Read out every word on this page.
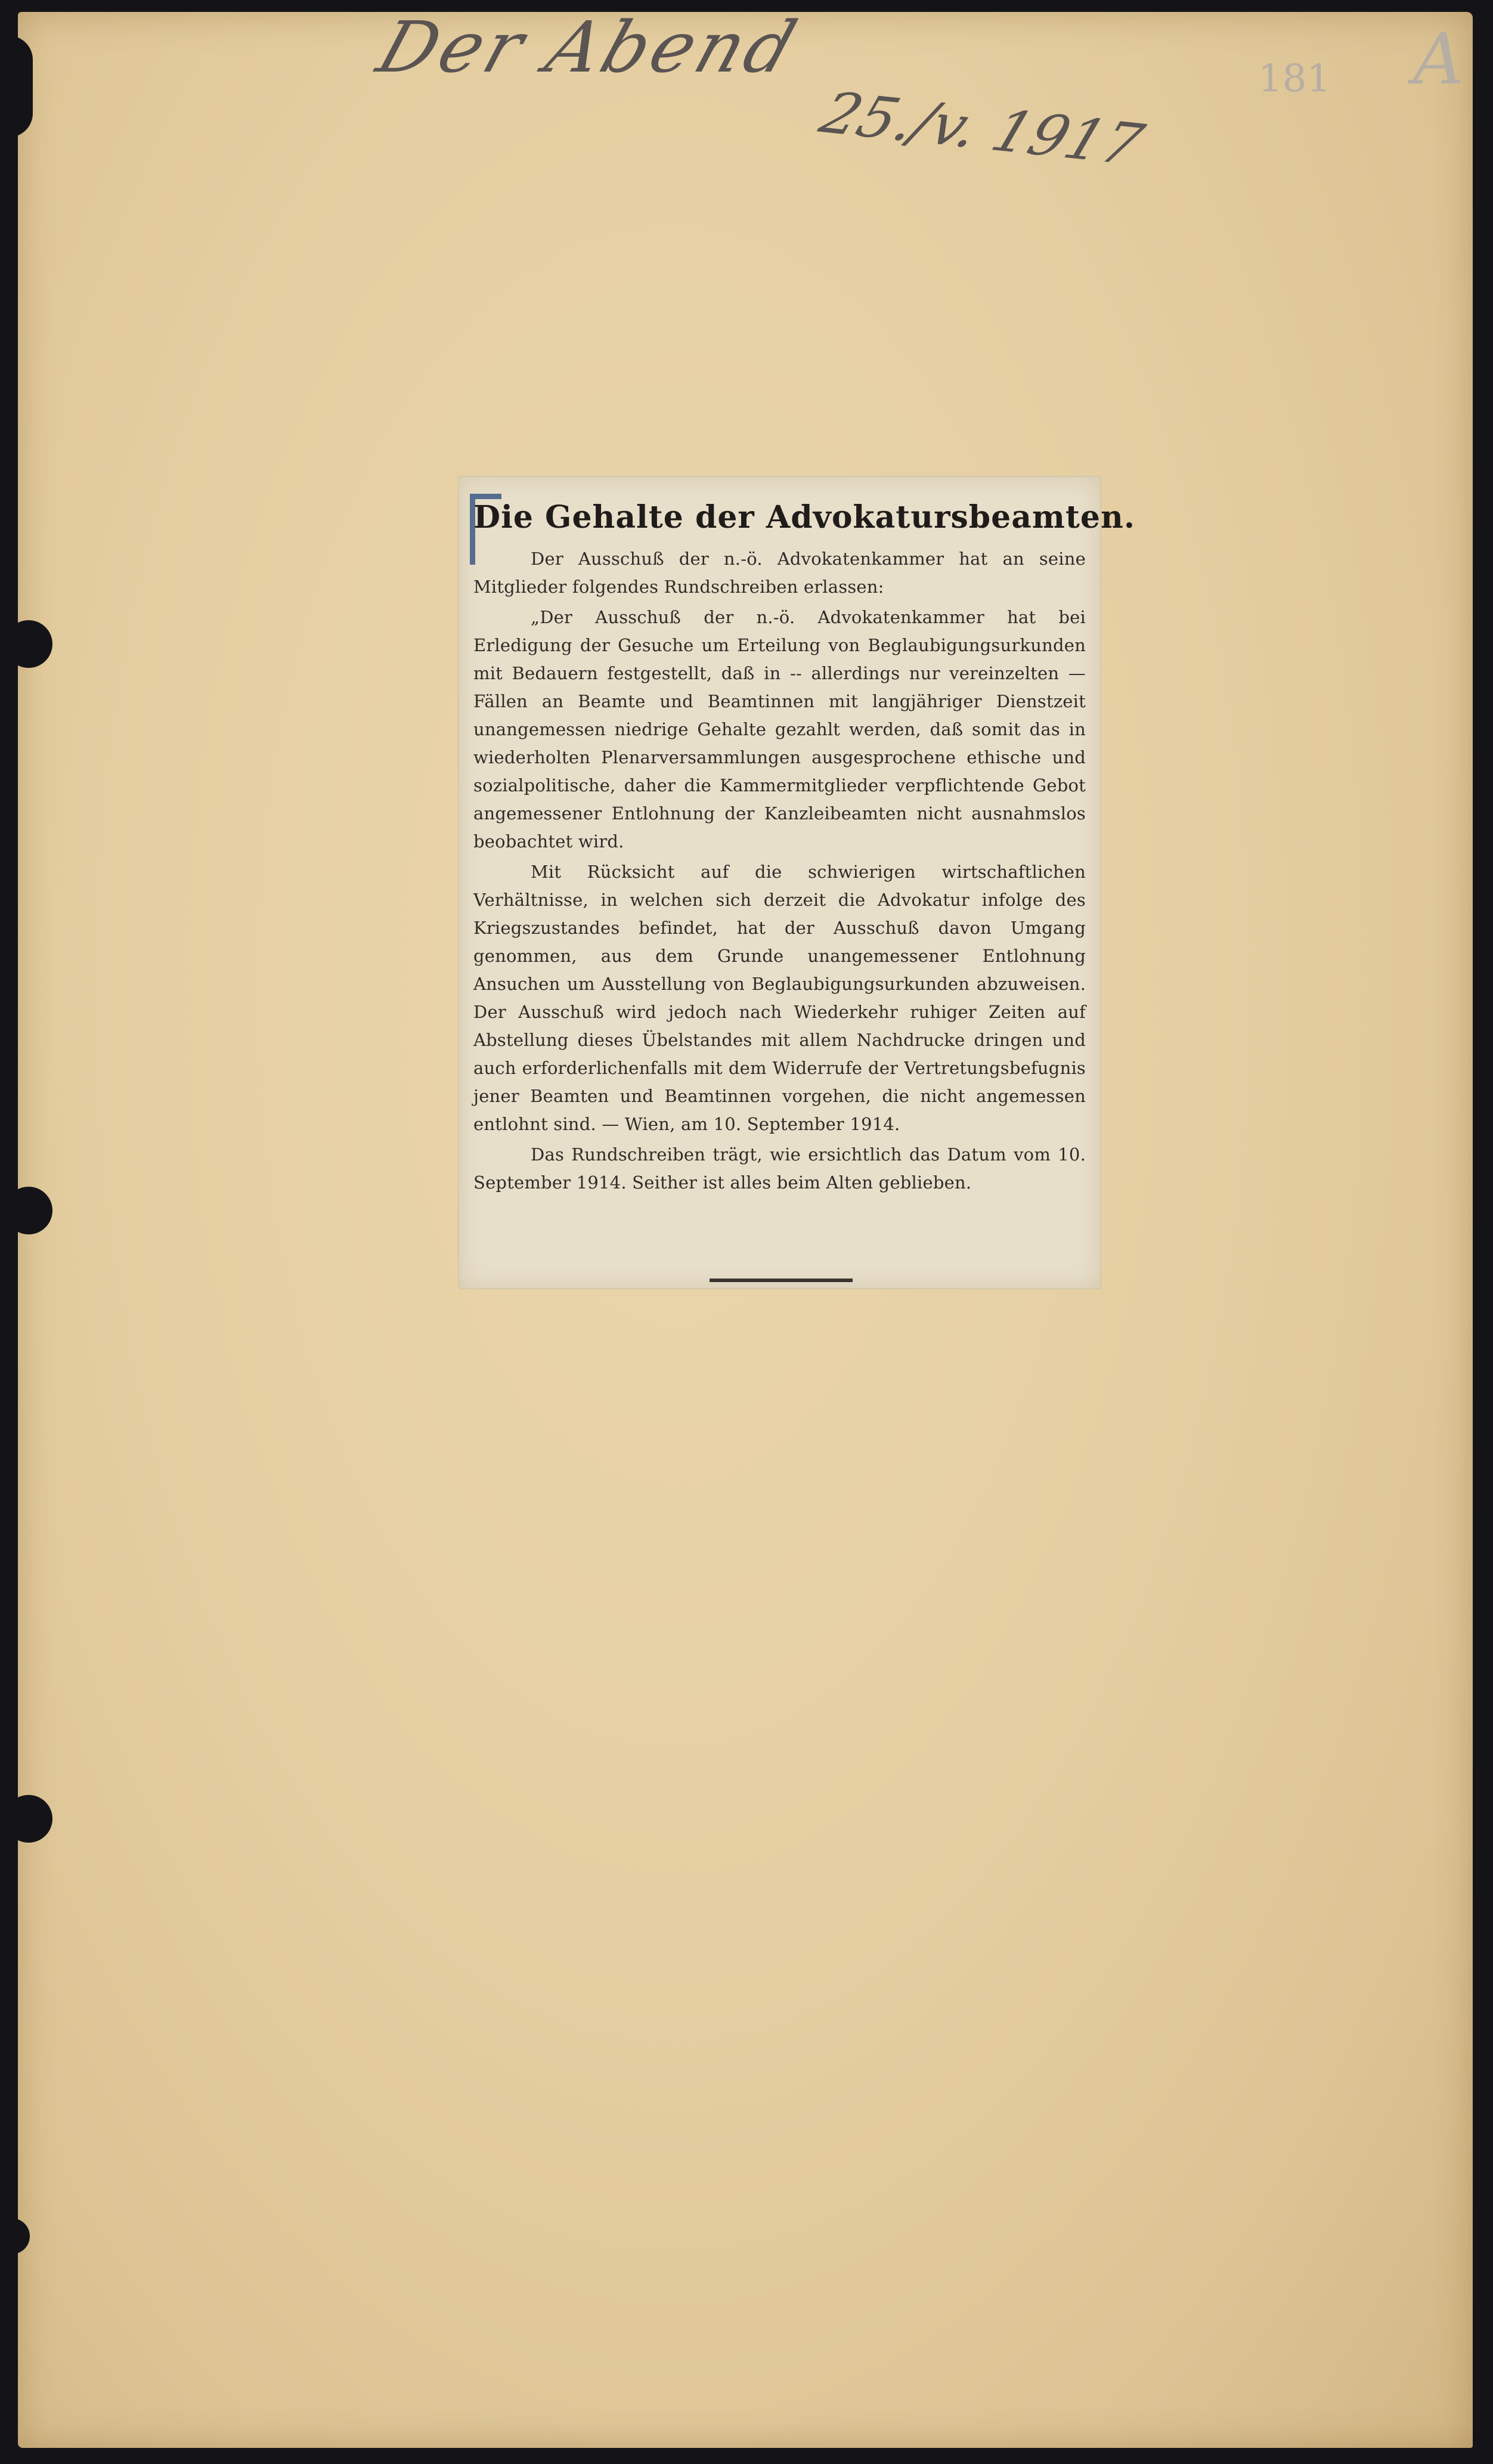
Der Abend
25./v. 1917
181 A
Die Gehalte der Advokatursbeamten.

Der Ausschuß der n.-ö. Advokatenkammer hat an seine Mitglieder folgendes Rundschreiben erlassen:

„Der Ausschuß der n.-ö. Advokatenkammer hat bei Erledigung der Gesuche um Erteilung von Beglaubigungsurkunden mit Bedauern festgestellt, daß in -- allerdings nur vereinzelten — Fällen an Beamte und Beamtinnen mit langjähriger Dienstzeit unangemessen niedrige Gehalte gezahlt werden, daß somit das in wiederholten Plenarversammlungen ausgesprochene ethische und sozialpolitische, daher die Kammermitglieder verpflichtende Gebot angemessener Entlohnung der Kanzleibeamten nicht ausnahmslos beobachtet wird.

Mit Rücksicht auf die schwierigen wirtschaftlichen Verhältnisse, in welchen sich derzeit die Advokatur infolge des Kriegszustandes befindet, hat der Ausschuß davon Umgang genommen, aus dem Grunde unangemessener Entlohnung Ansuchen um Ausstellung von Beglaubigungsurkunden abzuweisen. Der Ausschuß wird jedoch nach Wiederkehr ruhiger Zeiten auf Abstellung dieses Übelstandes mit allem Nachdrucke dringen und auch erforderlichenfalls mit dem Widerrufe der Vertretungsbefugnis jener Beamten und Beamtinnen vorgehen, die nicht angemessen entlohnt sind. — Wien, am 10. September 1914.

Das Rundschreiben trägt, wie ersichtlich das Datum vom 10. September 1914. Seither ist alles beim Alten geblieben.
